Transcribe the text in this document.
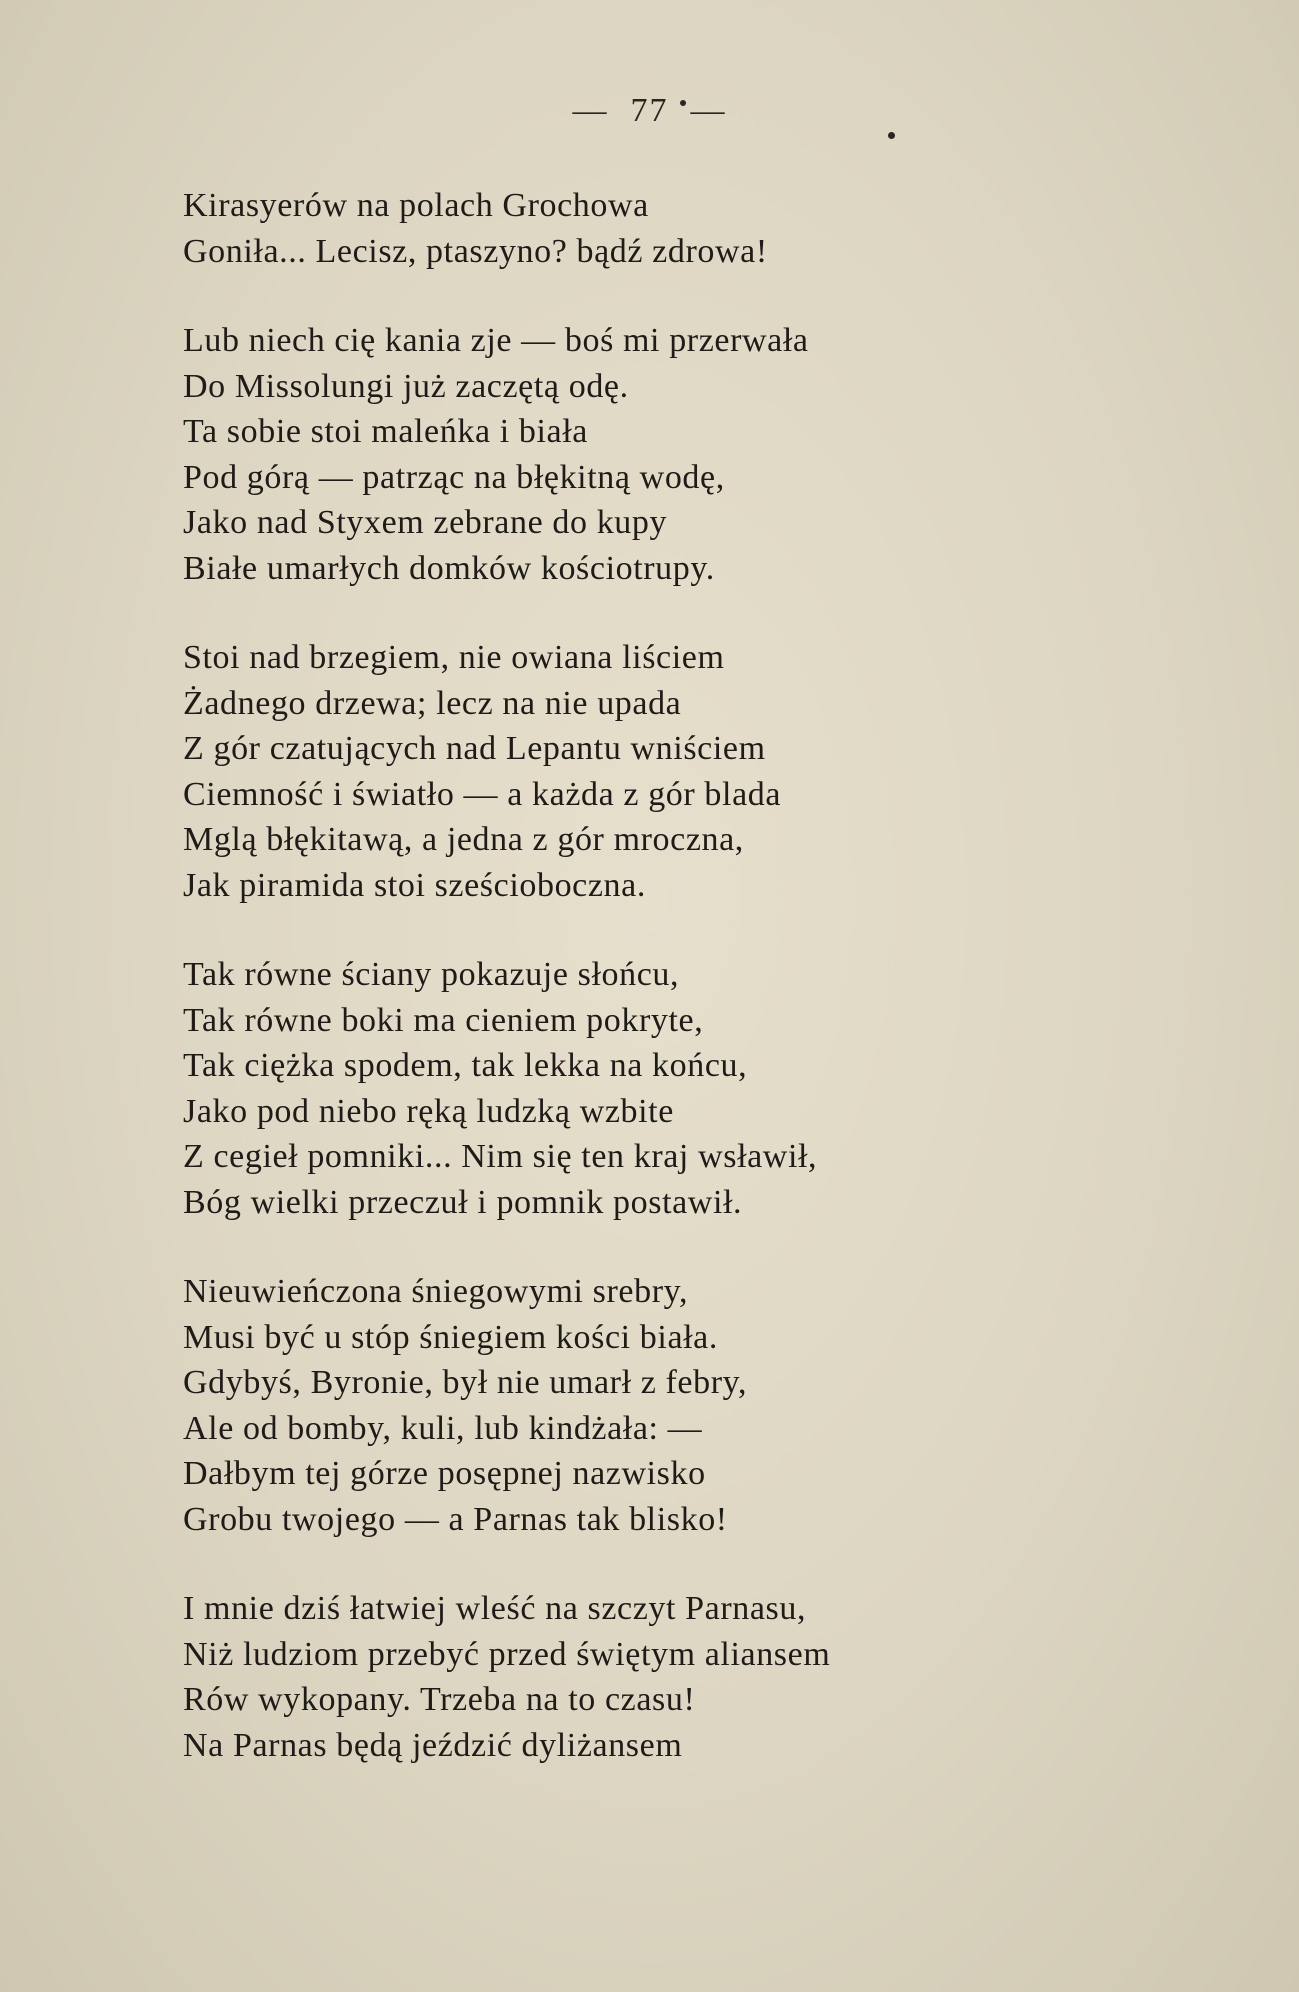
— 77 —
Kirasyerów na polach Grochowa
Goniła... Lecisz, ptaszyno? bądź zdrowa!
Lub niech cię kania zje — boś mi przerwała
Do Missolungi już zaczętą odę.
Ta sobie stoi maleńka i biała
Pod górą — patrząc na błękitną wodę,
Jako nad Styxem zebrane do kupy
Białe umarłych domków kościotrupy.
Stoi nad brzegiem, nie owiana liściem
Żadnego drzewa; lecz na nie upada
Z gór czatujących nad Lepantu wniściem
Ciemność i światło — a każda z gór blada
Mglą błękitawą, a jedna z gór mroczna,
Jak piramida stoi sześcioboczna.
Tak równe ściany pokazuje słońcu,
Tak równe boki ma cieniem pokryte,
Tak ciężka spodem, tak lekka na końcu,
Jako pod niebo ręką ludzką wzbite
Z cegieł pomniki... Nim się ten kraj wsławił,
Bóg wielki przeczuł i pomnik postawił.
Nieuwieńczona śniegowymi srebry,
Musi być u stóp śniegiem kości biała.
Gdybyś, Byronie, był nie umarł z febry,
Ale od bomby, kuli, lub kindżała: —
Dałbym tej górze posępnej nazwisko
Grobu twojego — a Parnas tak blisko!
I mnie dziś łatwiej wleść na szczyt Parnasu,
Niż ludziom przebyć przed świętym aliansem
Rów wykopany. Trzeba na to czasu!
Na Parnas będą jeździć dyliżansem
